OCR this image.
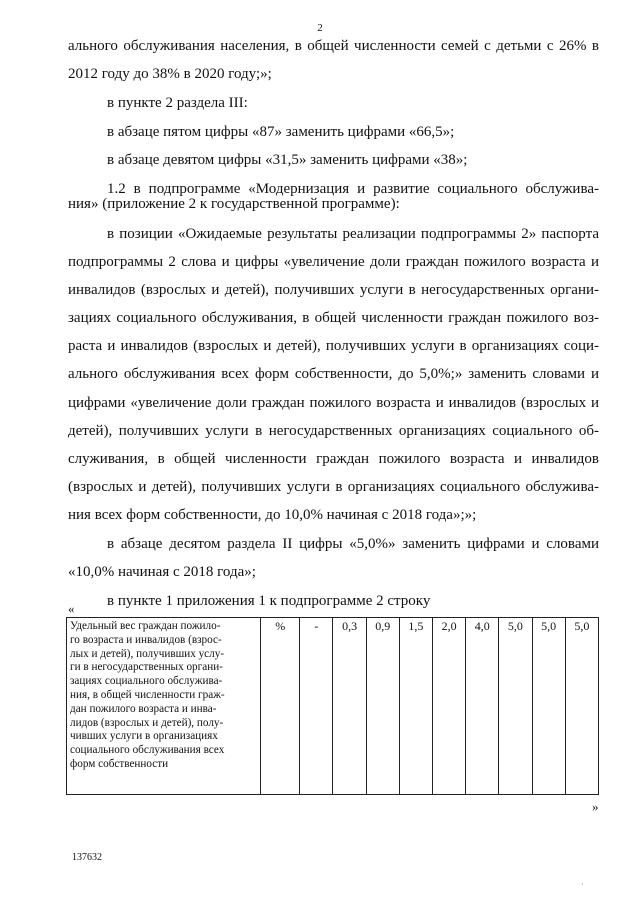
2
ального обслуживания населения, в общей численности семей с детьми с 26% в
2012 году до 38% в 2020 году;»;
в пункте 2 раздела III:
в абзаце пятом цифры «87» заменить цифрами «66,5»;
в абзаце девятом цифры «31,5» заменить цифрами «38»;
1.2 в подпрограмме «Модернизация и развитие социального обслужива-
ния» (приложение 2 к государственной программе):
в позиции «Ожидаемые результаты реализации подпрограммы 2» паспорта
подпрограммы 2 слова и цифры «увеличение доли граждан пожилого возраста и
инвалидов (взрослых и детей), получивших услуги в негосударственных органи-
зациях социального обслуживания, в общей численности граждан пожилого воз-
раста и инвалидов (взрослых и детей), получивших услуги в организациях соци-
ального обслуживания всех форм собственности, до 5,0%;» заменить словами и
цифрами «увеличение доли граждан пожилого возраста и инвалидов (взрослых и
детей), получивших услуги в негосударственных организациях социального об-
служивания, в общей численности граждан пожилого возраста и инвалидов
(взрослых и детей), получивших услуги в организациях социального обслужива-
ния всех форм собственности, до 10,0% начиная с 2018 года»;»;
в абзаце десятом раздела II цифры «5,0%» заменить цифрами и словами
«10,0% начиная с 2018 года»;
в пункте 1 приложения 1 к подпрограмме 2 строку
«
Удельный вес граждан пожило-
го возраста и инвалидов (взрос-
лых и детей), получивших услу-
ги в негосударственных органи-
зациях социального обслужива-
ния, в общей численности граж-
дан пожилого возраста и инва-
лидов (взрослых и детей), полу-
чивших услуги в организациях
социального обслуживания всех
форм собственности
	%	-	0,3	0,9	1,5	2,0	4,0	5,0	5,0	5,0
»
137632
·
